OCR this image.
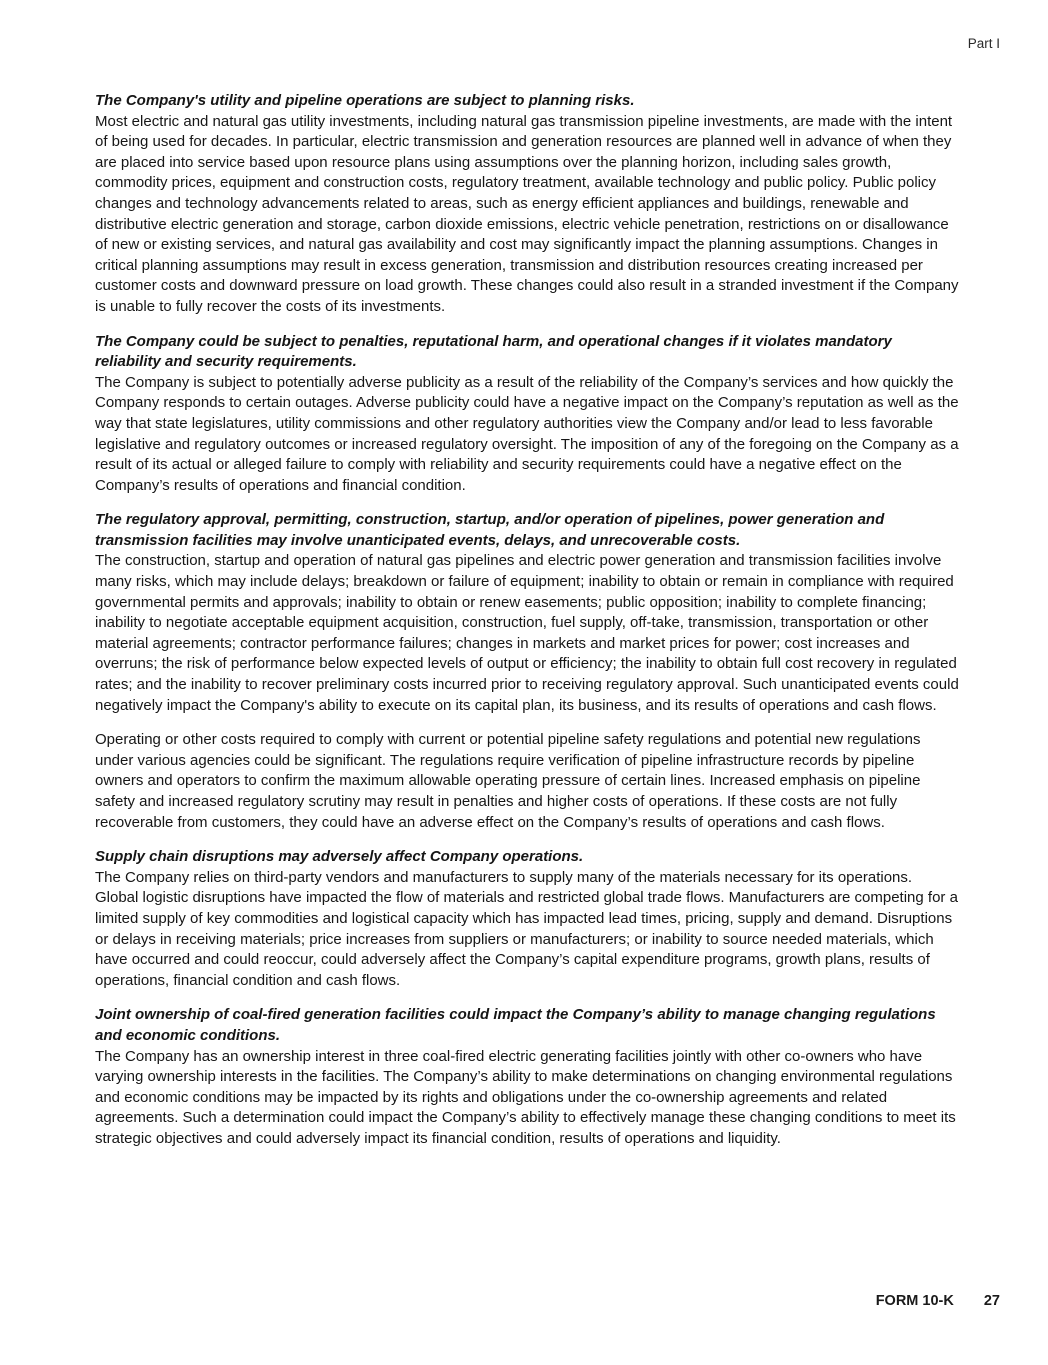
Part I
The Company's utility and pipeline operations are subject to planning risks.

Most electric and natural gas utility investments, including natural gas transmission pipeline investments, are made with the intent of being used for decades. In particular, electric transmission and generation resources are planned well in advance of when they are placed into service based upon resource plans using assumptions over the planning horizon, including sales growth, commodity prices, equipment and construction costs, regulatory treatment, available technology and public policy. Public policy changes and technology advancements related to areas, such as energy efficient appliances and buildings, renewable and distributive electric generation and storage, carbon dioxide emissions, electric vehicle penetration, restrictions on or disallowance of new or existing services, and natural gas availability and cost may significantly impact the planning assumptions. Changes in critical planning assumptions may result in excess generation, transmission and distribution resources creating increased per customer costs and downward pressure on load growth. These changes could also result in a stranded investment if the Company is unable to fully recover the costs of its investments.

The Company could be subject to penalties, reputational harm, and operational changes if it violates mandatory reliability and security requirements.

The Company is subject to potentially adverse publicity as a result of the reliability of the Company’s services and how quickly the Company responds to certain outages. Adverse publicity could have a negative impact on the Company’s reputation as well as the way that state legislatures, utility commissions and other regulatory authorities view the Company and/or lead to less favorable legislative and regulatory outcomes or increased regulatory oversight. The imposition of any of the foregoing on the Company as a result of its actual or alleged failure to comply with reliability and security requirements could have a negative effect on the Company’s results of operations and financial condition.

The regulatory approval, permitting, construction, startup, and/or operation of pipelines, power generation and transmission facilities may involve unanticipated events, delays, and unrecoverable costs.

The construction, startup and operation of natural gas pipelines and electric power generation and transmission facilities involve many risks, which may include delays; breakdown or failure of equipment; inability to obtain or remain in compliance with required governmental permits and approvals; inability to obtain or renew easements; public opposition; inability to complete financing; inability to negotiate acceptable equipment acquisition, construction, fuel supply, off-take, transmission, transportation or other material agreements; contractor performance failures; changes in markets and market prices for power; cost increases and overruns; the risk of performance below expected levels of output or efficiency; the inability to obtain full cost recovery in regulated rates; and the inability to recover preliminary costs incurred prior to receiving regulatory approval. Such unanticipated events could negatively impact the Company's ability to execute on its capital plan, its business, and its results of operations and cash flows.

Operating or other costs required to comply with current or potential pipeline safety regulations and potential new regulations under various agencies could be significant. The regulations require verification of pipeline infrastructure records by pipeline owners and operators to confirm the maximum allowable operating pressure of certain lines. Increased emphasis on pipeline safety and increased regulatory scrutiny may result in penalties and higher costs of operations. If these costs are not fully recoverable from customers, they could have an adverse effect on the Company’s results of operations and cash flows.

Supply chain disruptions may adversely affect Company operations.

The Company relies on third-party vendors and manufacturers to supply many of the materials necessary for its operations. Global logistic disruptions have impacted the flow of materials and restricted global trade flows. Manufacturers are competing for a limited supply of key commodities and logistical capacity which has impacted lead times, pricing, supply and demand. Disruptions or delays in receiving materials; price increases from suppliers or manufacturers; or inability to source needed materials, which have occurred and could reoccur, could adversely affect the Company’s capital expenditure programs, growth plans, results of operations, financial condition and cash flows.

Joint ownership of coal-fired generation facilities could impact the Company’s ability to manage changing regulations and economic conditions.

The Company has an ownership interest in three coal-fired electric generating facilities jointly with other co-owners who have varying ownership interests in the facilities. The Company’s ability to make determinations on changing environmental regulations and economic conditions may be impacted by its rights and obligations under the co-ownership agreements and related agreements. Such a determination could impact the Company’s ability to effectively manage these changing conditions to meet its strategic objectives and could adversely impact its financial condition, results of operations and liquidity.

FORM 10-K 27
